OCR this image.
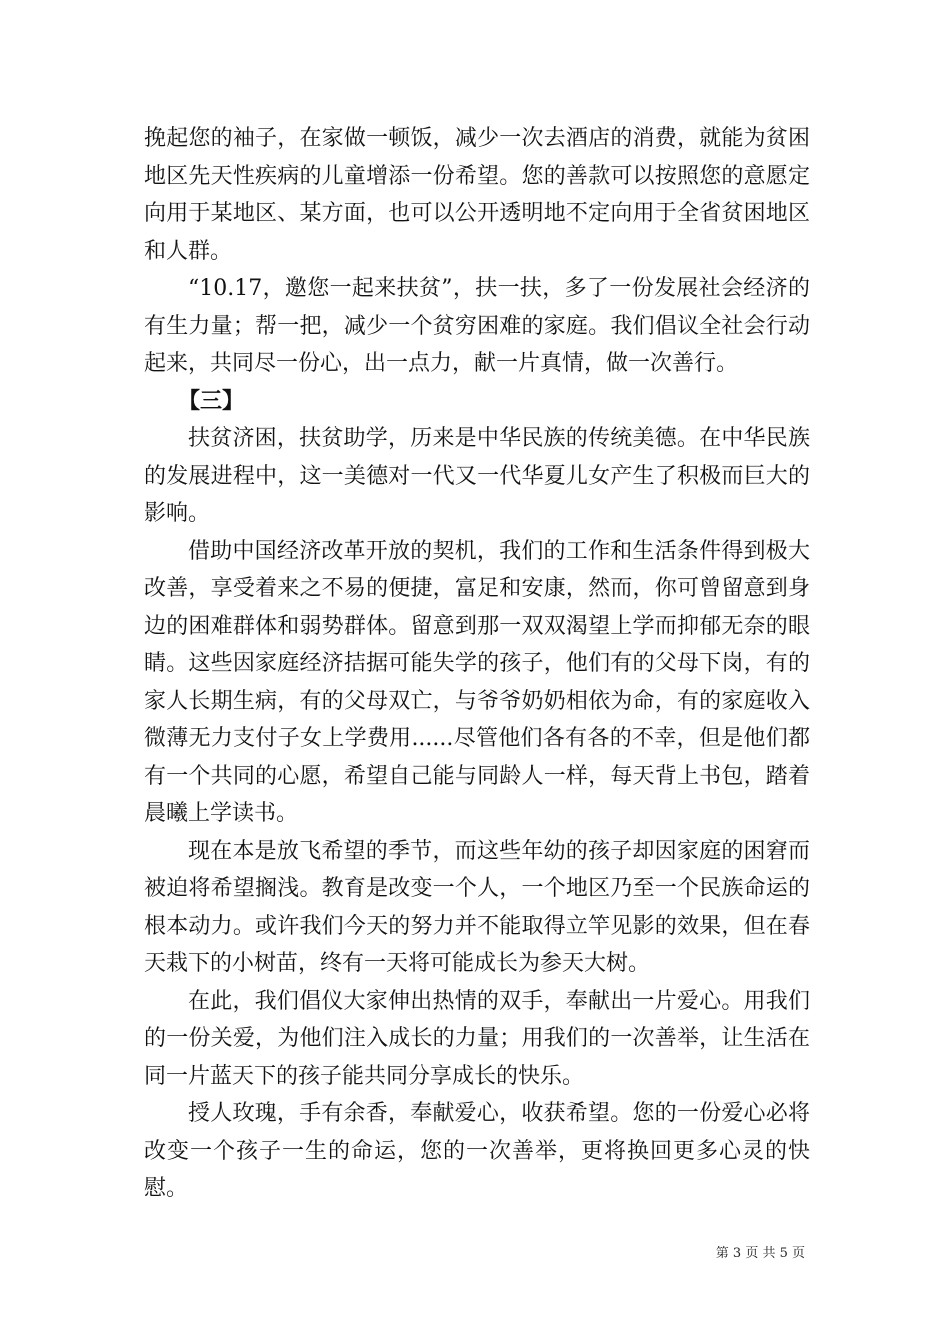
挽起您的袖子，在家做一顿饭，减少一次去酒店的消费，就能为贫困地区先天性疾病的儿童增添一份希望。您的善款可以按照您的意愿定向用于某地区、某方面，也可以公开透明地不定向用于全省贫困地区和人群。

“10.17，邀您一起来扶贫”，扶一扶，多了一份发展社会经济的有生力量；帮一把，减少一个贫穷困难的家庭。我们倡议全社会行动起来，共同尽一份心，出一点力，献一片真情，做一次善行。

【三】

扶贫济困，扶贫助学，历来是中华民族的传统美德。在中华民族的发展进程中，这一美德对一代又一代华夏儿女产生了积极而巨大的影响。

借助中国经济改革开放的契机，我们的工作和生活条件得到极大改善，享受着来之不易的便捷，富足和安康，然而，你可曾留意到身边的困难群体和弱势群体。留意到那一双双渴望上学而抑郁无奈的眼睛。这些因家庭经济拮据可能失学的孩子，他们有的父母下岗，有的家人长期生病，有的父母双亡，与爷爷奶奶相依为命，有的家庭收入微薄无力支付子女上学费用......尽管他们各有各的不幸，但是他们都有一个共同的心愿，希望自己能与同龄人一样，每天背上书包，踏着晨曦上学读书。

现在本是放飞希望的季节，而这些年幼的孩子却因家庭的困窘而被迫将希望搁浅。教育是改变一个人，一个地区乃至一个民族命运的根本动力。或许我们今天的努力并不能取得立竿见影的效果，但在春天栽下的小树苗，终有一天将可能成长为参天大树。

在此，我们倡仪大家伸出热情的双手，奉献出一片爱心。用我们的一份关爱，为他们注入成长的力量；用我们的一次善举，让生活在同一片蓝天下的孩子能共同分享成长的快乐。

授人玫瑰，手有余香，奉献爱心，收获希望。您的一份爱心必将改变一个孩子一生的命运，您的一次善举，更将换回更多心灵的快慰。

第 3 页 共 5 页
